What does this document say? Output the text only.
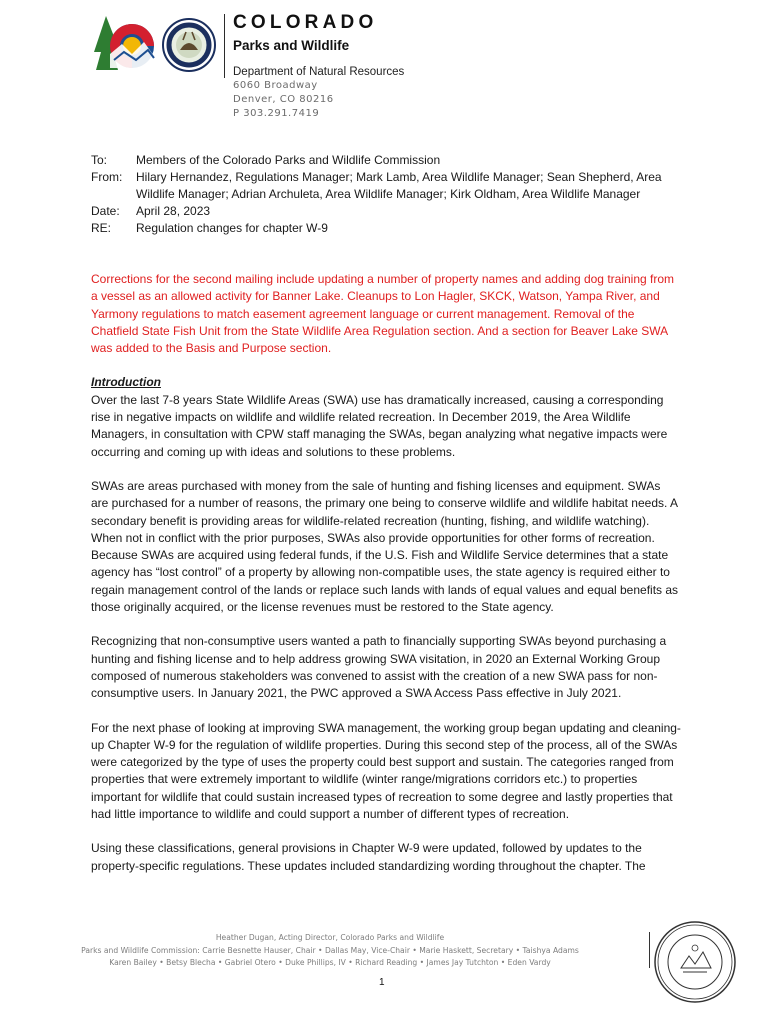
COLORADO
Parks and Wildlife
Department of Natural Resources
6060 Broadway
Denver, CO 80216
P 303.291.7419
To:	Members of the Colorado Parks and Wildlife Commission
From:	Hilary Hernandez, Regulations Manager; Mark Lamb, Area Wildlife Manager; Sean Shepherd, Area Wildlife Manager; Adrian Archuleta, Area Wildlife Manager; Kirk Oldham, Area Wildlife Manager
Date:	April 28, 2023
RE:	Regulation changes for chapter W-9

Corrections for the second mailing include updating a number of property names and adding dog training from a vessel as an allowed activity for Banner Lake. Cleanups to Lon Hagler, SKCK, Watson, Yampa River, and Yarmony regulations to match easement agreement language or current management. Removal of the Chatfield State Fish Unit from the State Wildlife Area Regulation section. And a section for Beaver Lake SWA was added to the Basis and Purpose section.

Introduction

Over the last 7-8 years State Wildlife Areas (SWA) use has dramatically increased, causing a corresponding rise in negative impacts on wildlife and wildlife related recreation. In December 2019, the Area Wildlife Managers, in consultation with CPW staff managing the SWAs, began analyzing what negative impacts were occurring and coming up with ideas and solutions to these problems.

SWAs are areas purchased with money from the sale of hunting and fishing licenses and equipment. SWAs are purchased for a number of reasons, the primary one being to conserve wildlife and wildlife habitat needs. A secondary benefit is providing areas for wildlife-related recreation (hunting, fishing, and wildlife watching). When not in conflict with the prior purposes, SWAs also provide opportunities for other forms of recreation. Because SWAs are acquired using federal funds, if the U.S. Fish and Wildlife Service determines that a state agency has “lost control” of a property by allowing non-compatible uses, the state agency is required either to regain management control of the lands or replace such lands with lands of equal values and equal benefits as those originally acquired, or the license revenues must be restored to the State agency.

Recognizing that non-consumptive users wanted a path to financially supporting SWAs beyond purchasing a hunting and fishing license and to help address growing SWA visitation, in 2020 an External Working Group composed of numerous stakeholders was convened to assist with the creation of a new SWA pass for non-consumptive users. In January 2021, the PWC approved a SWA Access Pass effective in July 2021.

For the next phase of looking at improving SWA management, the working group began updating and cleaning-up Chapter W-9 for the regulation of wildlife properties. During this second step of the process, all of the SWAs were categorized by the type of uses the property could best support and sustain. The categories ranged from properties that were extremely important to wildlife (winter range/migrations corridors etc.) to properties important for wildlife that could sustain increased types of recreation to some degree and lastly properties that had little importance to wildlife and could support a number of different types of recreation.

Using these classifications, general provisions in Chapter W-9 were updated, followed by updates to the property-specific regulations. These updates included standardizing wording throughout the chapter. The

Heather Dugan, Acting Director, Colorado Parks and Wildlife
Parks and Wildlife Commission: Carrie Besnette Hauser, Chair • Dallas May, Vice-Chair • Marie Haskett, Secretary • Taishya Adams
Karen Bailey • Betsy Blecha • Gabriel Otero • Duke Phillips, IV • Richard Reading • James Jay Tutchton • Eden Vardy
1
